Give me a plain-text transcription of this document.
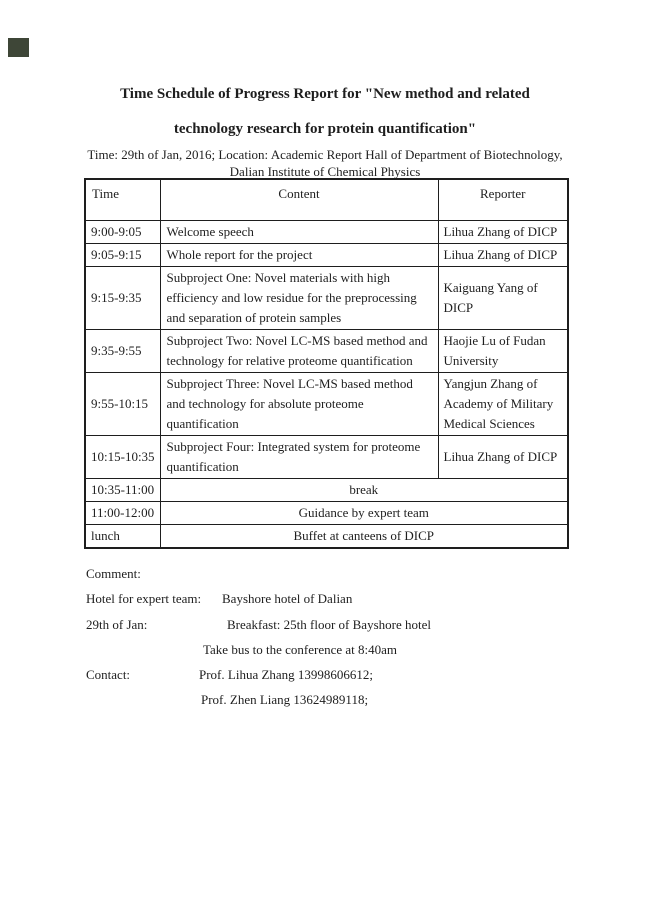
Time Schedule of Progress Report for "New method and related
technology research for protein quantification"
Time: 29th of Jan, 2016; Location: Academic Report Hall of Department of Biotechnology,
Dalian Institute of Chemical Physics
Time	Content	Reporter
9:00-9:05	Welcome speech	Lihua Zhang of DICP
9:05-9:15	Whole report for the project	Lihua Zhang of DICP
9:15-9:35	Subproject One: Novel materials with high efficiency and low residue for the preprocessing and separation of protein samples	Kaiguang Yang of DICP
9:35-9:55	Subproject Two: Novel LC-MS based method and technology for relative proteome quantification	Haojie Lu of Fudan University
9:55-10:15	Subproject Three: Novel LC-MS based method and technology for absolute proteome quantification	Yangjun Zhang of Academy of Military Medical Sciences
10:15-10:35	Subproject Four: Integrated system for proteome quantification	Lihua Zhang of DICP
10:35-11:00	break	
11:00-12:00	Guidance by expert team	
lunch	Buffet at canteens of DICP	
Comment:
Hotel for expert team: Bayshore hotel of Dalian
29th of Jan:	Breakfast: 25th floor of Bayshore hotel
Take bus to the conference at 8:40am
Contact:	Prof. Lihua Zhang 13998606612;
Prof. Zhen Liang 13624989118;
